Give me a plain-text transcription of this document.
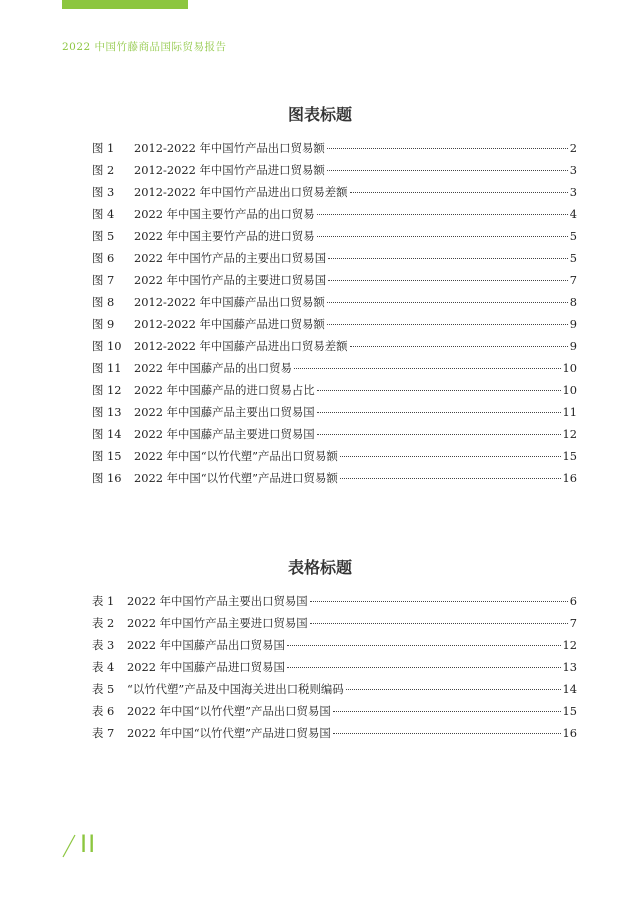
2022 中国竹藤商品国际贸易报告
图表标题
图 1	2012-2022 年中国竹产品出口贸易额	2
图 2	2012-2022 年中国竹产品进口贸易额	3
图 3	2012-2022 年中国竹产品进出口贸易差额	3
图 4	2022 年中国主要竹产品的出口贸易	4
图 5	2022 年中国主要竹产品的进口贸易	5
图 6	2022 年中国竹产品的主要出口贸易国	5
图 7	2022 年中国竹产品的主要进口贸易国	7
图 8	2012-2022 年中国藤产品出口贸易额	8
图 9	2012-2022 年中国藤产品进口贸易额	9
图 10	2012-2022 年中国藤产品进出口贸易差额	9
图 11	2022 年中国藤产品的出口贸易	10
图 12	2022 年中国藤产品的进口贸易占比	10
图 13	2022 年中国藤产品主要出口贸易国	11
图 14	2022 年中国藤产品主要进口贸易国	12
图 15	2022 年中国“以竹代塑”产品出口贸易额	15
图 16	2022 年中国“以竹代塑”产品进口贸易额	16
表格标题
表 1	2022 年中国竹产品主要出口贸易国	6
表 2	2022 年中国竹产品主要进口贸易国	7
表 3	2022 年中国藤产品出口贸易国	12
表 4	2022 年中国藤产品进口贸易国	13
表 5	“以竹代塑”产品及中国海关进出口税则编码	14
表 6	2022 年中国“以竹代塑”产品出口贸易国	15
表 7	2022 年中国“以竹代塑”产品进口贸易国	16
II
